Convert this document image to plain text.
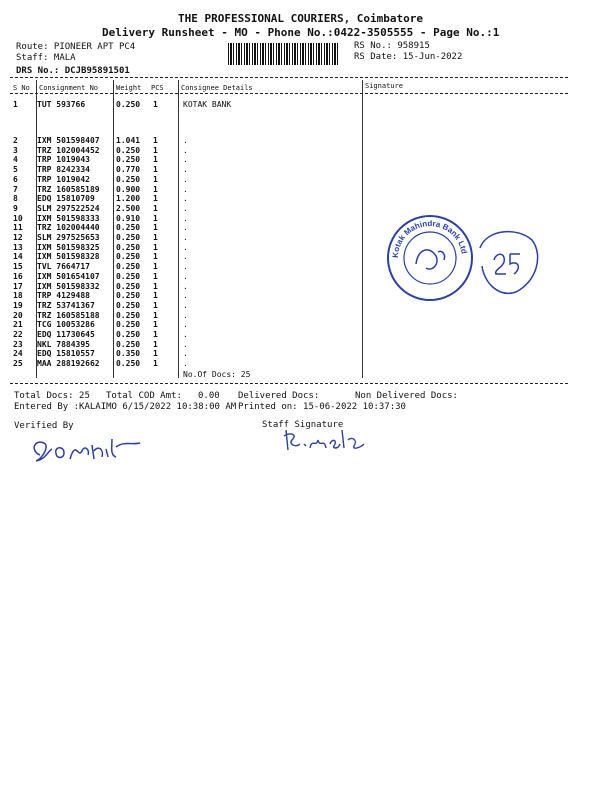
THE PROFESSIONAL COURIERS, Coimbatore
Delivery Runsheet - MO - Phone No.:0422-3505555 - Page No.:1
Route: PIONEER APT PC4
Staff: MALA
DRS No.: DCJB95891501
RS No.: 958915
RS Date: 15-Jun-2022
S No Consignment No	Weight PCS Consignee Details	Signature
1 TUT 593766	0.250 1	KOTAK BANK
2 IXM 501598407 1.041 1	.
3 TRZ 102004452 0.250 1	.
4 TRP 1019043	0.250 1	.
5 TRP 8242334	0.770 1	.
6 TRP 1019042	0.250 1	.
7 TRZ 160585189 0.900 1	.
8 EDQ 15810709	1.200 1	.
9 SLM 297522524 2.500 1	.
10 IXM 501598333 0.910 1	.
11 TRZ 102004440 0.250 1	.
12 SLM 297525653 0.250 1	.
13 IXM 501598325 0.250 1	.
14 IXM 501598328 0.250 1	.
15 TVL 7664717	0.250 1	.
16 IXM 501654107 0.250 1	.
17 IXM 501598332 0.250 1	.
18 TRP 4129488	0.250 1	.
19 TRZ 53741367	0.250 1	.
20 TRZ 160585188 0.250 1	.
21 TCG 10053286	0.250 1	.
22 EDQ 11730645	0.250 1	.
23 NKL 7884395	0.250 1	.
24 EDQ 15810557	0.350 1	.
25 MAA 288192662 0.250 1	.
No.Of Docs: 25
Total Docs: 25 Total COD Amt: 0.00 Delivered Docs:	Non Delivered Docs:
Entered By :KALAIMO 6/15/2022 10:38:00 AM Printed on: 15-06-2022 10:37:30
Verified By	Staff Signature
Kotak Mahindra Bank Ltd
